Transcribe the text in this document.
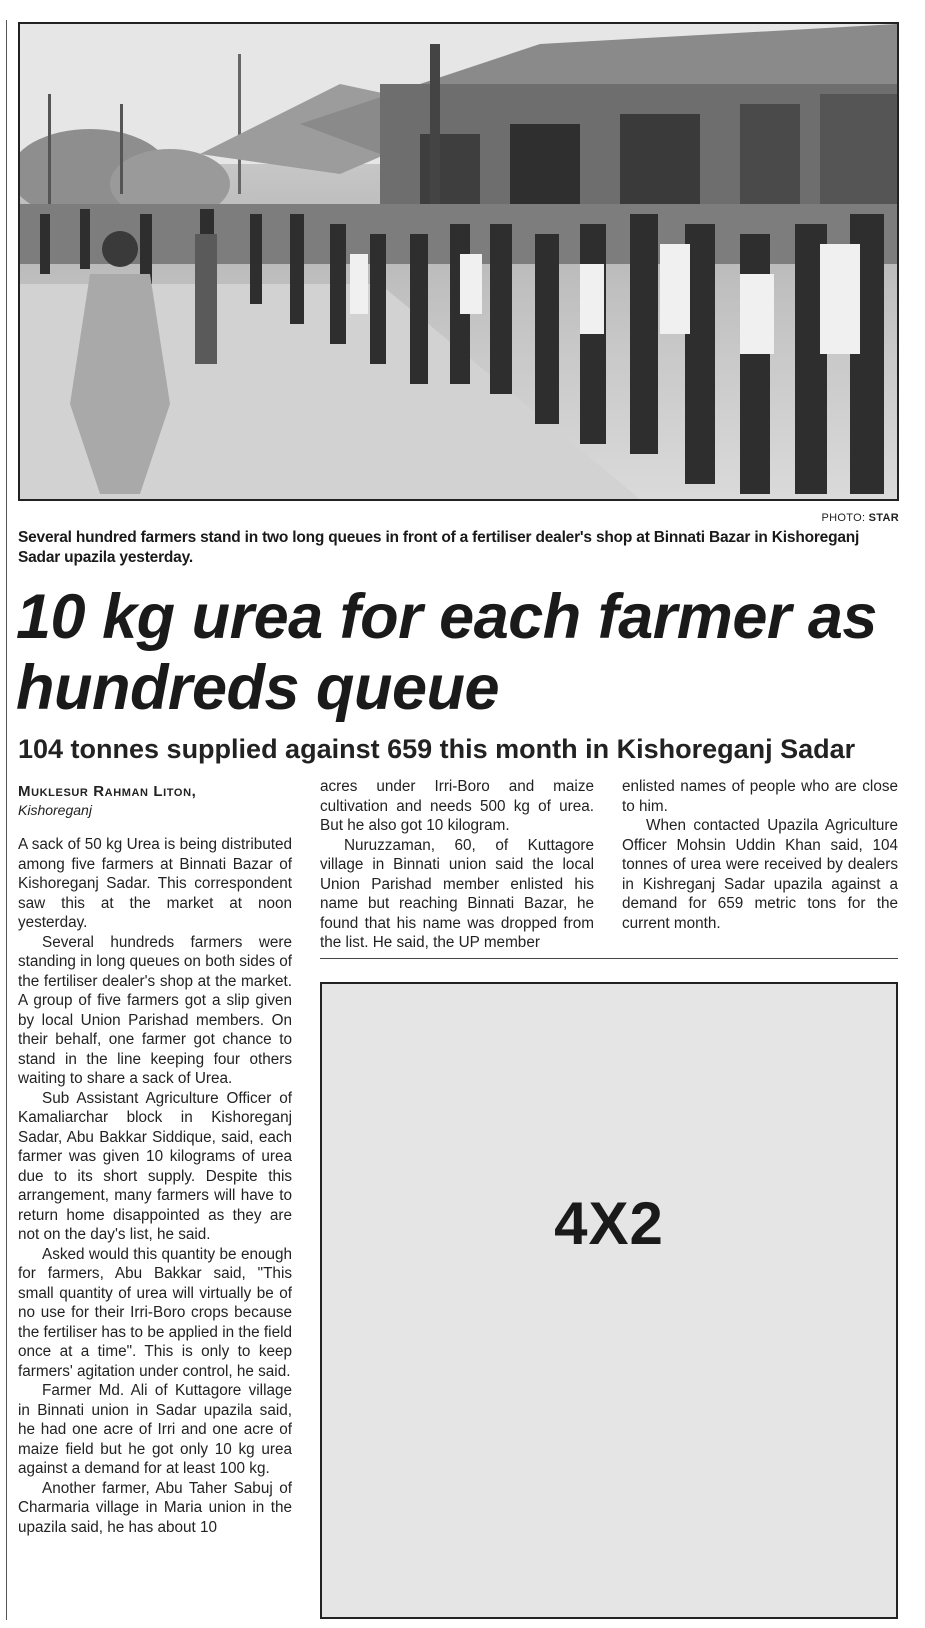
PHOTO: STAR
Several hundred farmers stand in two long queues in front of a fertiliser dealer's shop at Binnati Bazar in Kishoreganj Sadar upazila yesterday.
10 kg urea for each farmer as hundreds queue
104 tonnes supplied against 659 this month in Kishoreganj Sadar
Muklesur Rahman Liton,
Kishoreganj

A sack of 50 kg Urea is being distributed among five farmers at Binnati Bazar of Kishoreganj Sadar. This correspondent saw this at the market at noon yesterday.

Several hundreds farmers were standing in long queues on both sides of the fertiliser dealer's shop at the market. A group of five farmers got a slip given by local Union Parishad members. On their behalf, one farmer got chance to stand in the line keeping four others waiting to share a sack of Urea.

Sub Assistant Agriculture Officer of Kamaliarchar block in Kishoreganj Sadar, Abu Bakkar Siddique, said, each farmer was given 10 kilograms of urea due to its short supply. Despite this arrangement, many farmers will have to return home disappointed as they are not on the day's list, he said.

Asked would this quantity be enough for farmers, Abu Bakkar said, "This small quantity of urea will virtually be of no use for their Irri-Boro crops because the fertiliser has to be applied in the field once at a time". This is only to keep farmers' agitation under control, he said.

Farmer Md. Ali of Kuttagore village in Binnati union in Sadar upazila said, he had one acre of Irri and one acre of maize field but he got only 10 kg urea against a demand for at least 100 kg.

Another farmer, Abu Taher Sabuj of Charmaria village in Maria union in the upazila said, he has about 10

acres under Irri-Boro and maize cultivation and needs 500 kg of urea. But he also got 10 kilogram.

Nuruzzaman, 60, of Kuttagore village in Binnati union said the local Union Parishad member enlisted his name but reaching Binnati Bazar, he found that his name was dropped from the list. He said, the UP member

enlisted names of people who are close to him.

When contacted Upazila Agriculture Officer Mohsin Uddin Khan said, 104 tonnes of urea were received by dealers in Kishreganj Sadar upazila against a demand for 659 metric tons for the current month.

4X2
